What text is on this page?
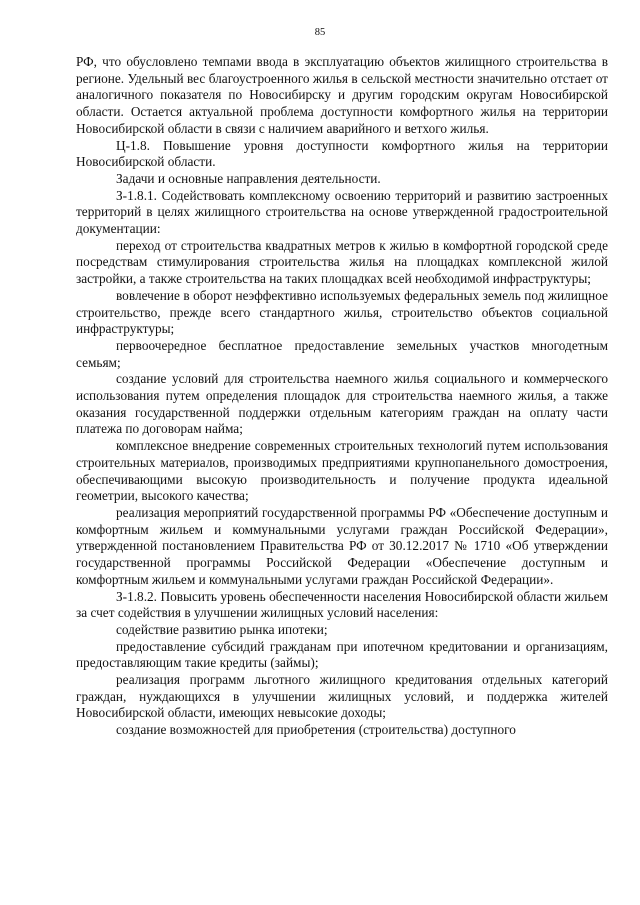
85

РФ, что обусловлено темпами ввода в эксплуатацию объектов жилищного строительства в регионе. Удельный вес благоустроенного жилья в сельской местности значительно отстает от аналогичного показателя по Новосибирску и другим городским округам Новосибирской области. Остается актуальной проблема доступности комфортного жилья на территории Новосибирской области в связи с наличием аварийного и ветхого жилья.

Ц-1.8. Повышение уровня доступности комфортного жилья на территории Новосибирской области.

Задачи и основные направления деятельности.

З-1.8.1. Содействовать комплексному освоению территорий и развитию застроенных территорий в целях жилищного строительства на основе утвержденной градостроительной документации:

переход от строительства квадратных метров к жилью в комфортной городской среде посредствам стимулирования строительства жилья на площадках комплексной жилой застройки, а также строительства на таких площадках всей необходимой инфраструктуры;

вовлечение в оборот неэффективно используемых федеральных земель под жилищное строительство, прежде всего стандартного жилья, строительство объектов социальной инфраструктуры;

первоочередное бесплатное предоставление земельных участков многодетным семьям;

создание условий для строительства наемного жилья социального и коммерческого использования путем определения площадок для строительства наемного жилья, а также оказания государственной поддержки отдельным категориям граждан на оплату части платежа по договорам найма;

комплексное внедрение современных строительных технологий путем использования строительных материалов, производимых предприятиями крупнопанельного домостроения, обеспечивающими высокую производительность и получение продукта идеальной геометрии, высокого качества;

реализация мероприятий государственной программы РФ «Обеспечение доступным и комфортным жильем и коммунальными услугами граждан Российской Федерации», утвержденной постановлением Правительства РФ от 30.12.2017 № 1710 «Об утверждении государственной программы Российской Федерации «Обеспечение доступным и комфортным жильем и коммунальными услугами граждан Российской Федерации».

З-1.8.2. Повысить уровень обеспеченности населения Новосибирской области жильем за счет содействия в улучшении жилищных условий населения:

содействие развитию рынка ипотеки;

предоставление субсидий гражданам при ипотечном кредитовании и организациям, предоставляющим такие кредиты (займы);

реализация программ льготного жилищного кредитования отдельных категорий граждан, нуждающихся в улучшении жилищных условий, и поддержка жителей Новосибирской области, имеющих невысокие доходы;

создание возможностей для приобретения (строительства) доступного
